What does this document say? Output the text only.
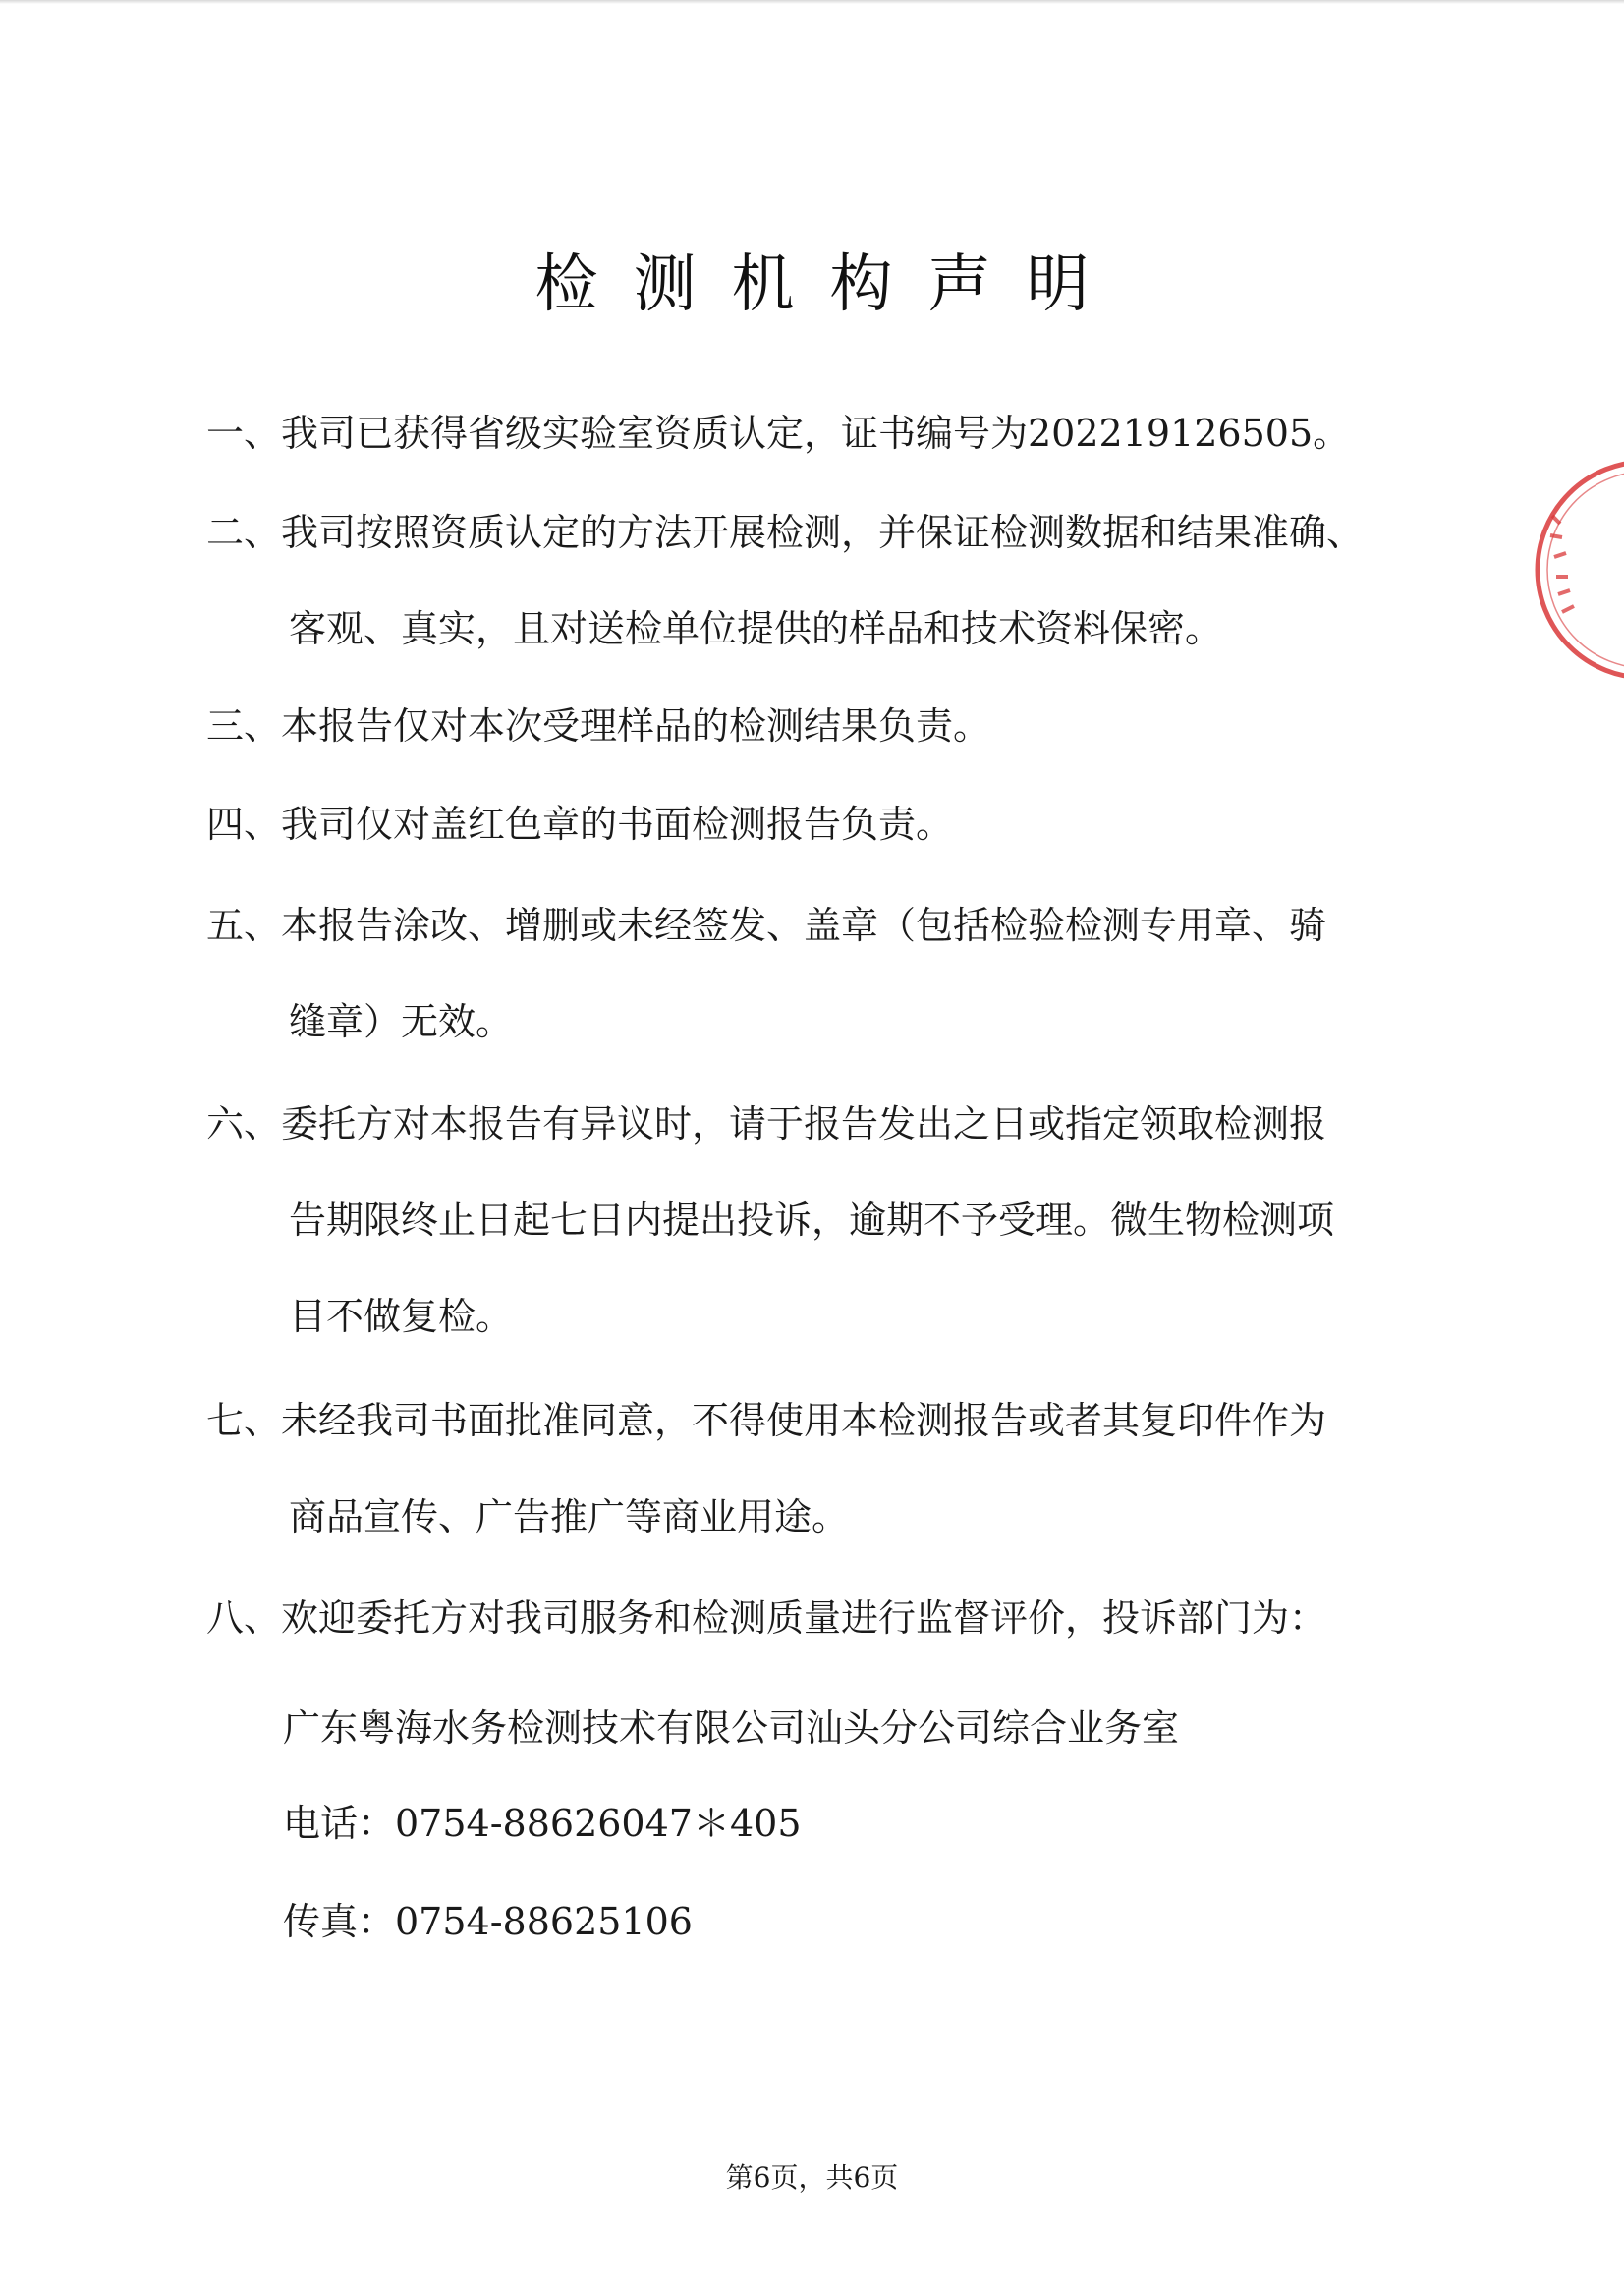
检测机构声明
一、我司已获得省级实验室资质认定，证书编号为202219126505。
二、我司按照资质认定的方法开展检测，并保证检测数据和结果准确、
客观、真实，且对送检单位提供的样品和技术资料保密。
三、本报告仅对本次受理样品的检测结果负责。
四、我司仅对盖红色章的书面检测报告负责。
五、本报告涂改、增删或未经签发、盖章（包括检验检测专用章、骑
缝章）无效。
六、委托方对本报告有异议时，请于报告发出之日或指定领取检测报
告期限终止日起七日内提出投诉，逾期不予受理。微生物检测项
目不做复检。
七、未经我司书面批准同意，不得使用本检测报告或者其复印件作为
商品宣传、广告推广等商业用途。
八、欢迎委托方对我司服务和检测质量进行监督评价，投诉部门为：
广东粤海水务检测技术有限公司汕头分公司综合业务室
电话：0754-88626047＊405
传真：0754-88625106
第6页，共6页
